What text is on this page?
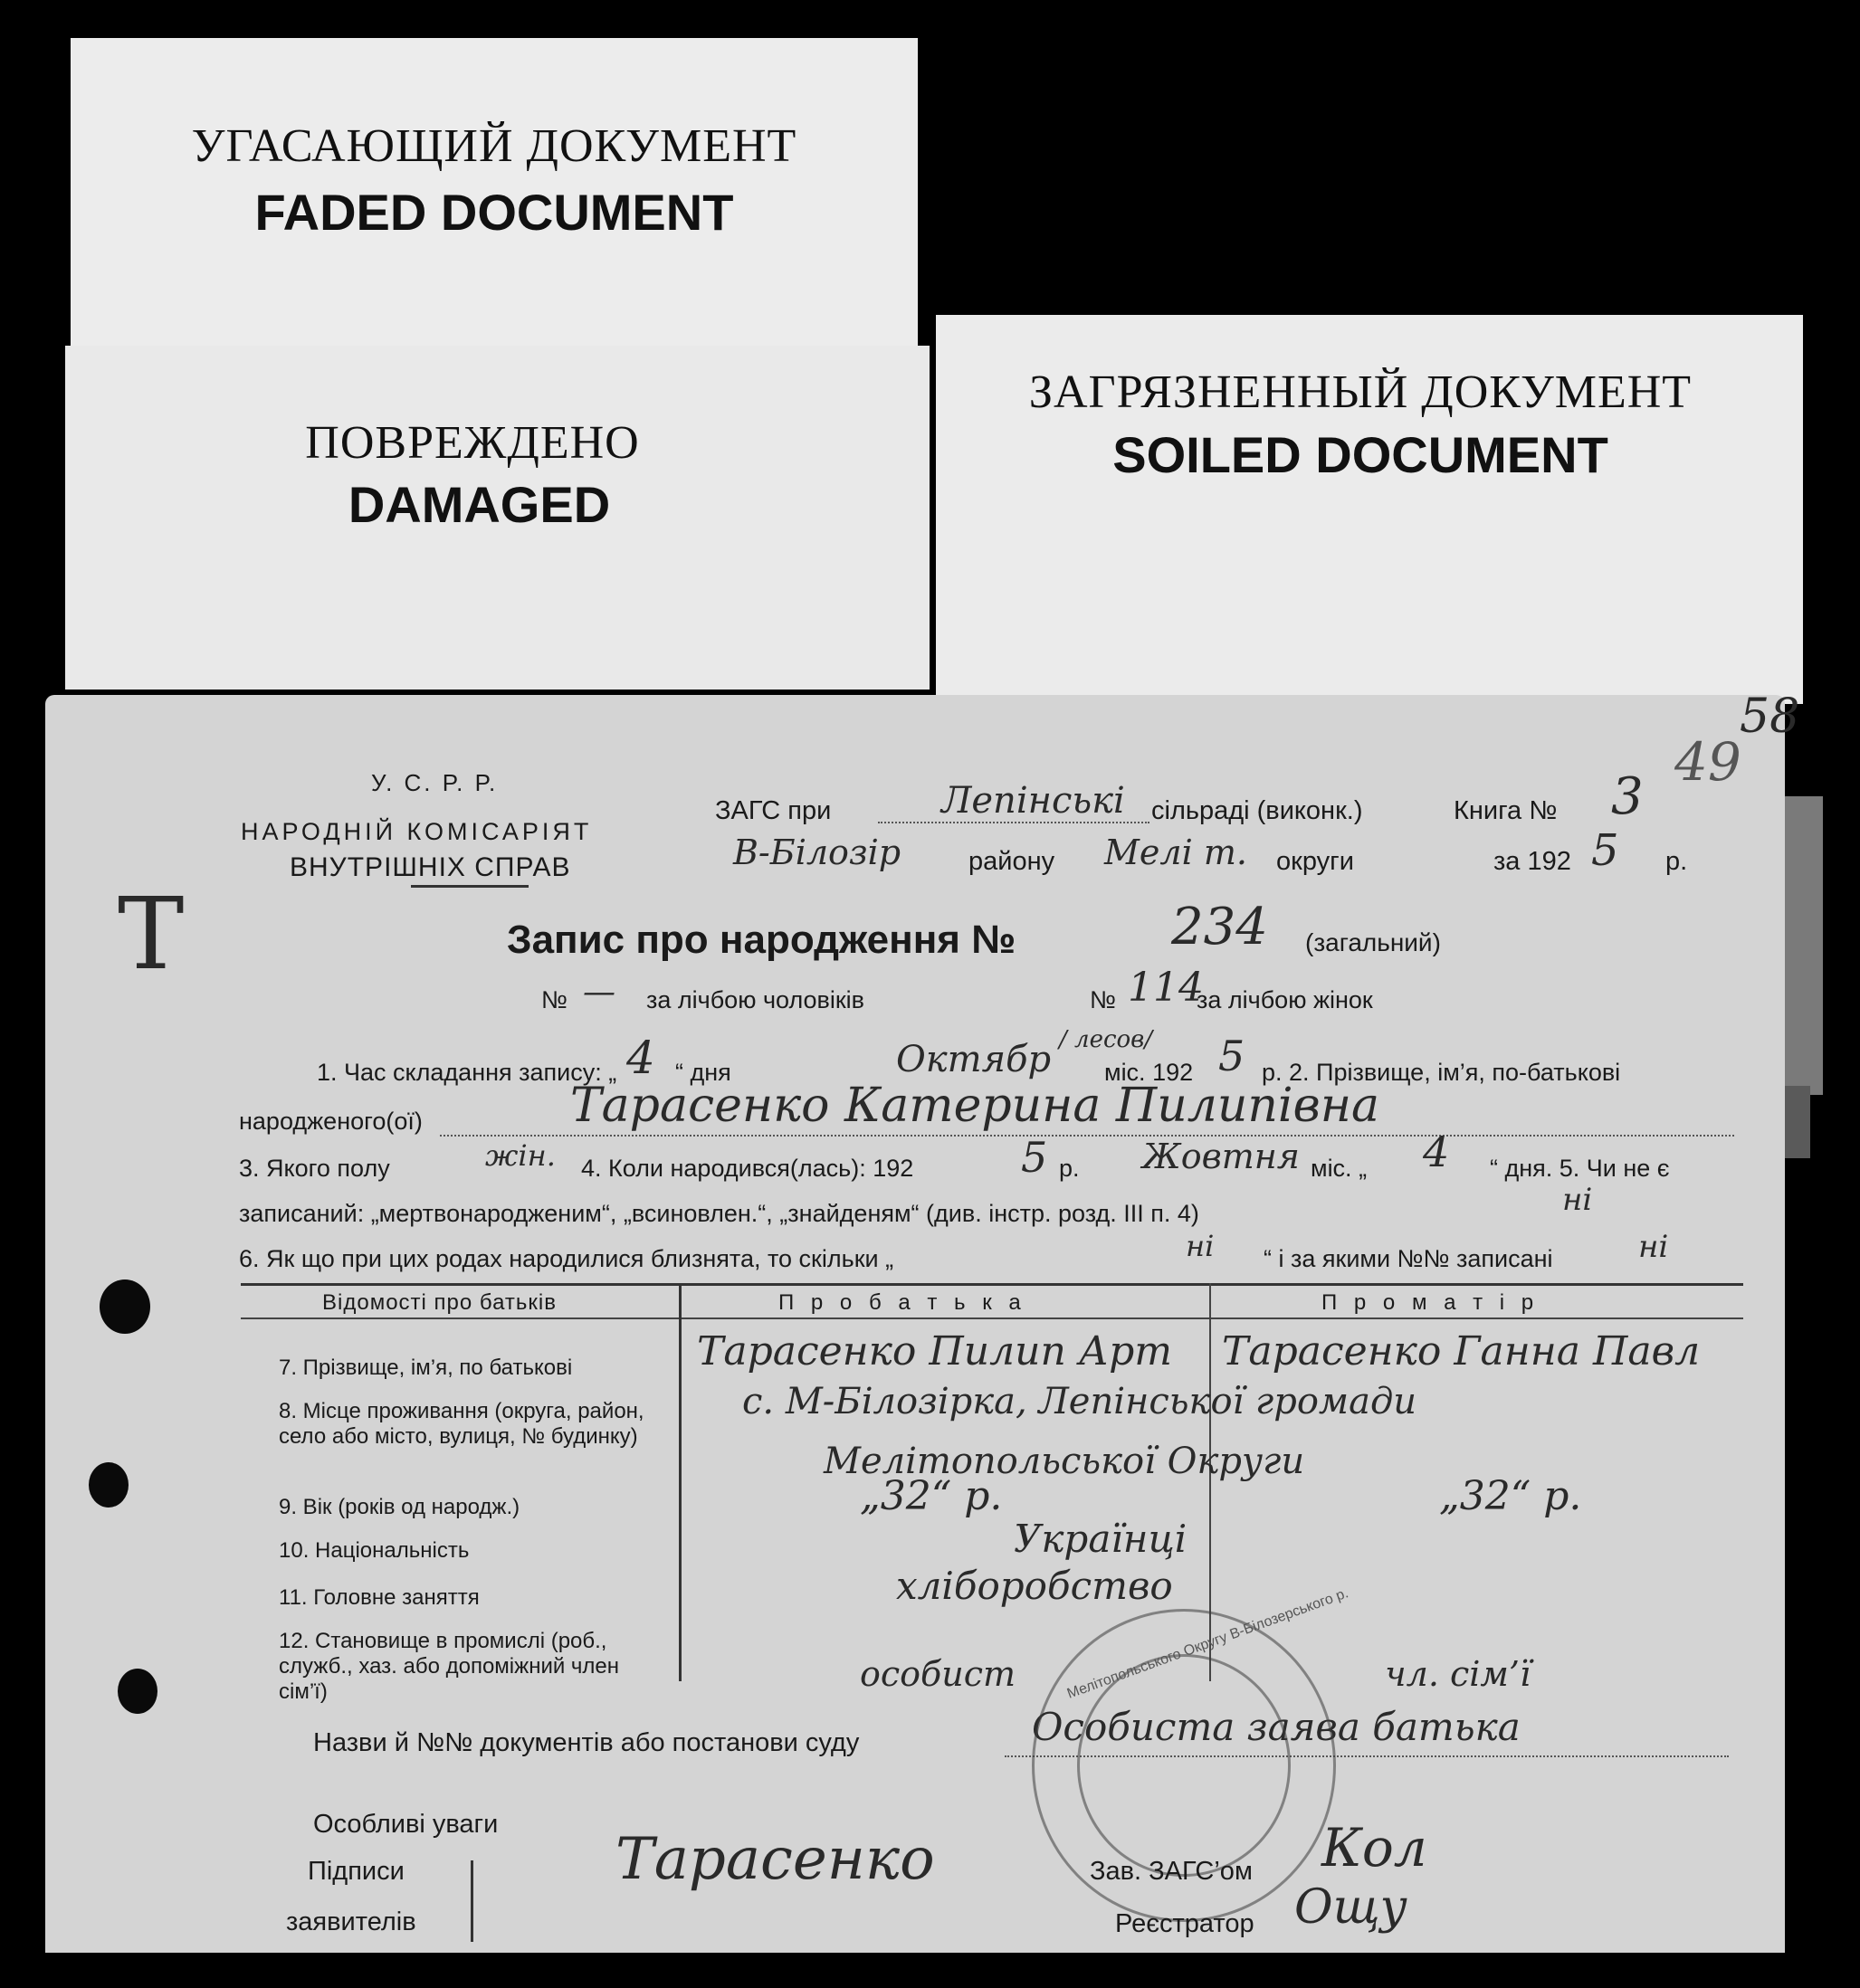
УГАСАЮЩИЙ ДОКУМЕНТ
FADED DOCUMENT
ПОВРЕЖДЕНО
DAMAGED
ЗАГРЯЗНЕННЫЙ ДОКУМЕНТ
SOILED DOCUMENT
58
49
Т
У. С. Р. Р.
НАРОДНІЙ КОМІСАРІЯТ
ВНУТРІШНІХ СПРАВ
ЗАГС при	Лепінські сільраді (виконк.)	Книга № 3
В-Білозір	району Мелі т. округи	за 192 5 р.
Запис про народження №	234 (загальний)
№ — за лічбою чоловіків	№ 114
за лічбою жінок
1. Час складання запису: „ 4 “ дня	Октябр / лесов/
міс. 192 5 р. 2. Прізвище, ім’я, по-батькові
народженого(ої)	Тарасенко Катерина Пилипівна
3. Якого полу	жін. 4. Коли народився(лась): 192	5 р. Жовтня міс. „ 4 “ дня. 5. Чи не є
записаний: „мертвонародженим“, „всиновлен.“, „знайденям“ (див. інстр. розд. III п. 4)	ні
6. Як що при цих родах народилися близнята, то скільки „	ні “ і за якими №№ записані	ні
Відомості про батьків	П р о б а т ь к а	П р о м а т і р
7. Прізвище, ім’я, по батькові	Тарасенко Пилип Арт Тарасенко Ганна Павл
8. Місце проживання (округа, район, село або місто, вулиця, № будинку)
с. М-Білозірка, Лепінської громади
Мелітопольської Округи
9. Вік (років од народж.)	„32“ р.	„32“ р.
10. Національність	Українці
11. Головне заняття	хліборобство
12. Становище в промислі (роб., служб., хаз. або допоміжний член сім’ї)	особист	чл. сім’ї
Назви й №№ документів або постанови суду	Особиста заява батька
Мелітопольського Округу В-Білозерського р.
Особливі уваги
Підписи
заявителів
Тарасенко	Зав. ЗАГС’ом
Реєстратор
Кол
Ощу
